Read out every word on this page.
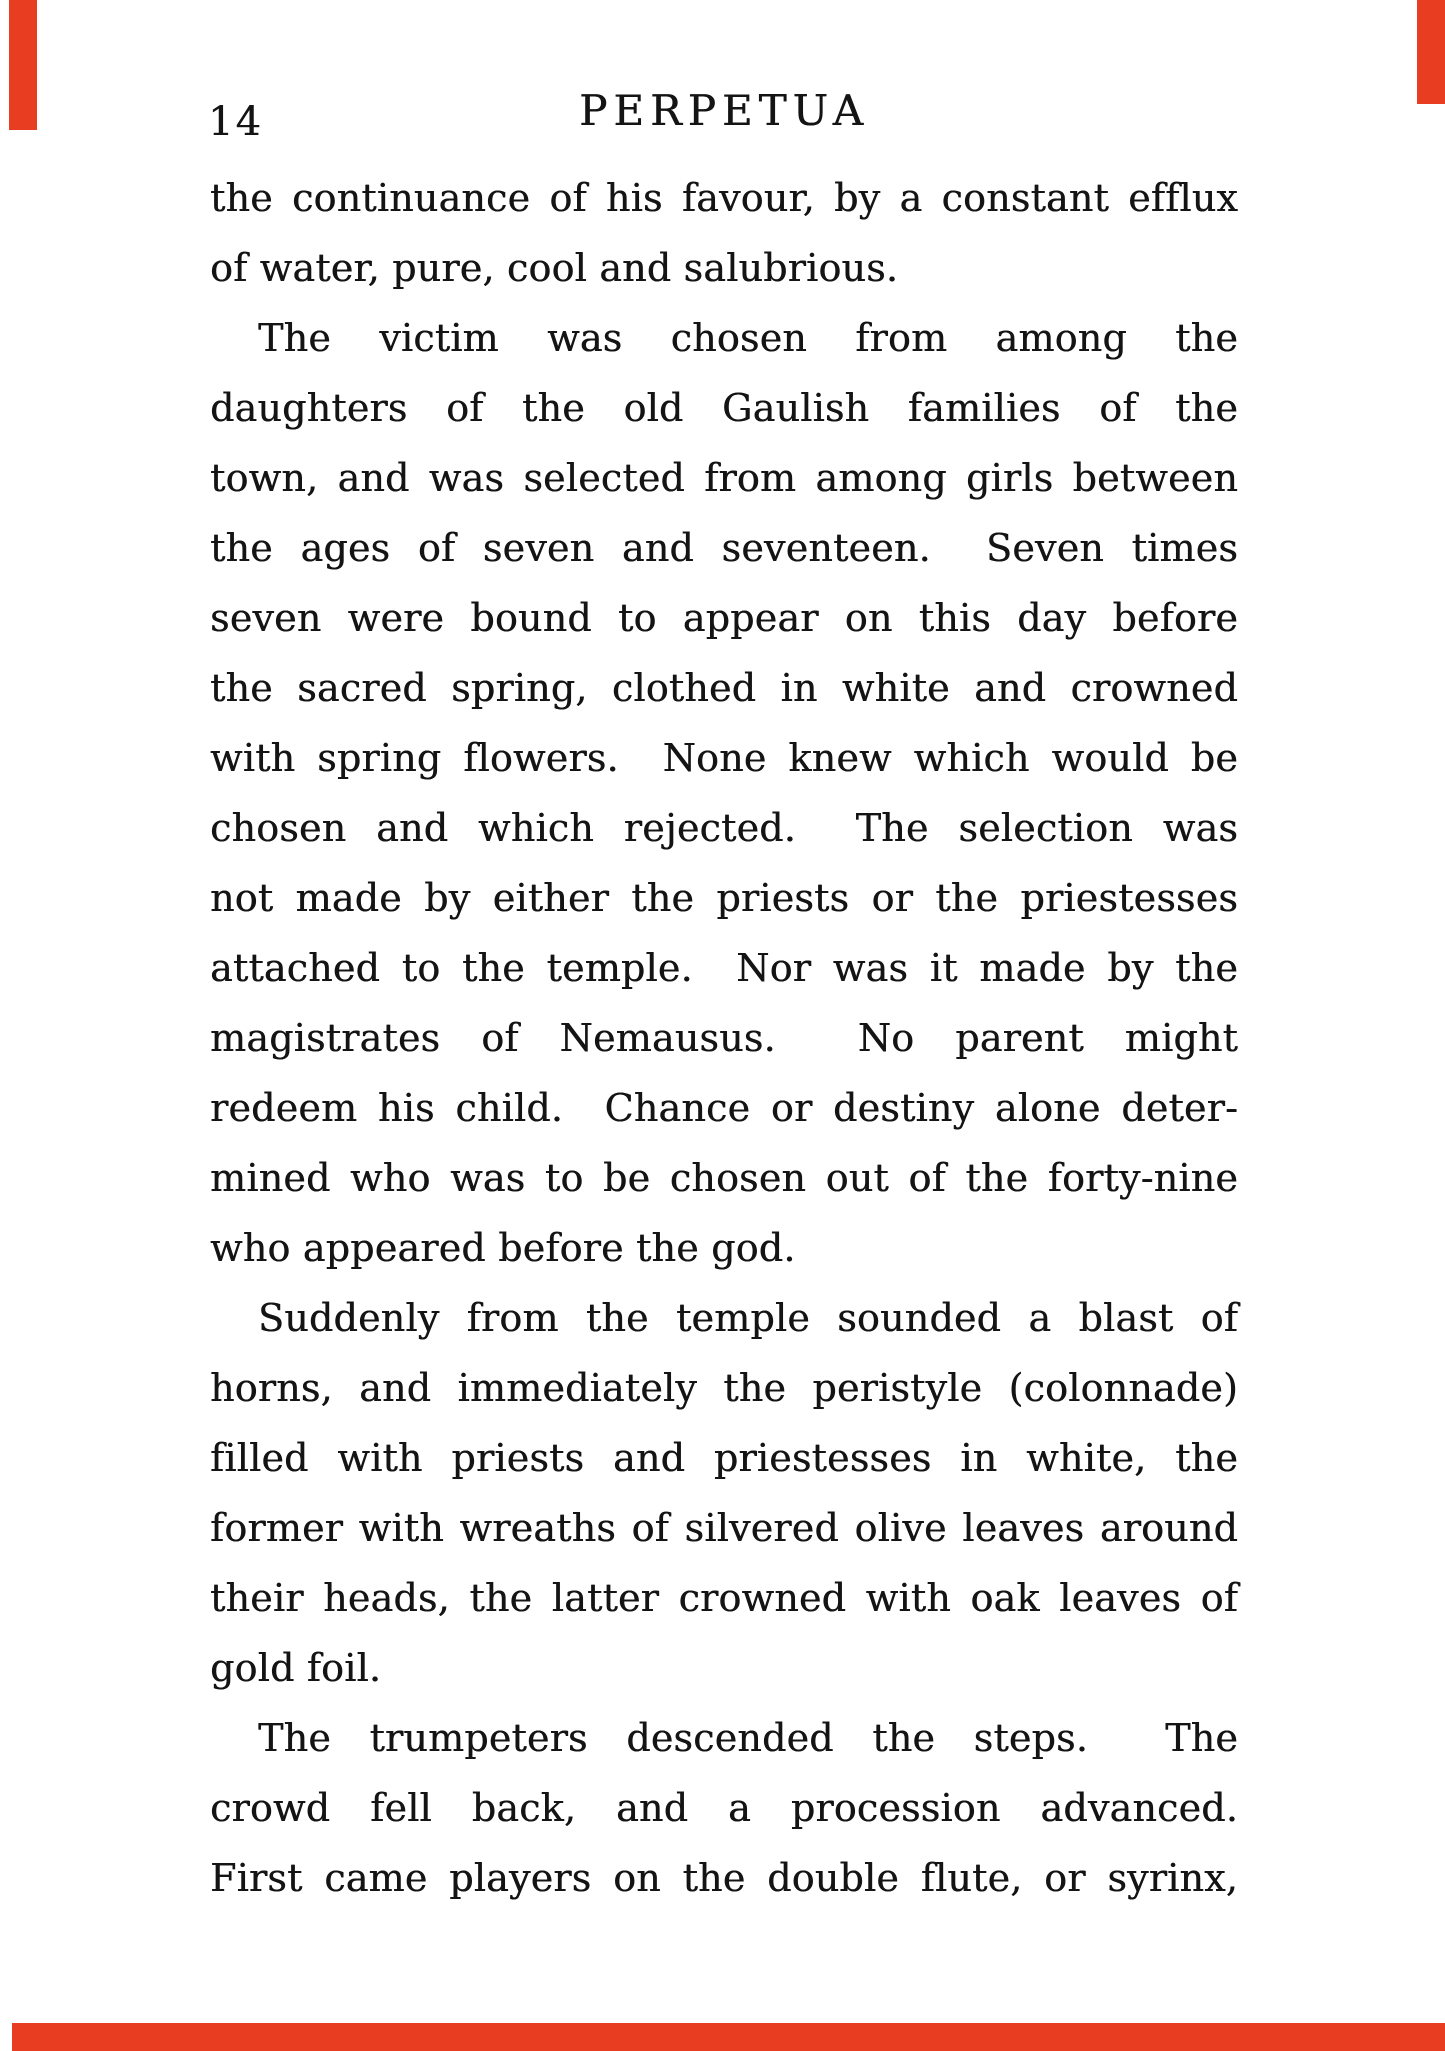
14	PERPETUA
the continuance of his favour, by a constant efflux
of water, pure, cool and salubrious.
The victim was chosen from among the
daughters of the old Gaulish families of the
town, and was selected from among girls between
the ages of seven and seventeen.  Seven times
seven were bound to appear on this day before
the sacred spring, clothed in white and crowned
with spring flowers.  None knew which would be
chosen and which rejected.  The selection was
not made by either the priests or the priestesses
attached to the temple.  Nor was it made by the
magistrates of Nemausus.  No parent might
redeem his child.  Chance or destiny alone deter-
mined who was to be chosen out of the forty-nine
who appeared before the god.
Suddenly from the temple sounded a blast of
horns, and immediately the peristyle (colonnade)
filled with priests and priestesses in white, the
former with wreaths of silvered olive leaves around
their heads, the latter crowned with oak leaves of
gold foil.
The trumpeters descended the steps.  The
crowd fell back, and a procession advanced.
First came players on the double flute, or syrinx,
